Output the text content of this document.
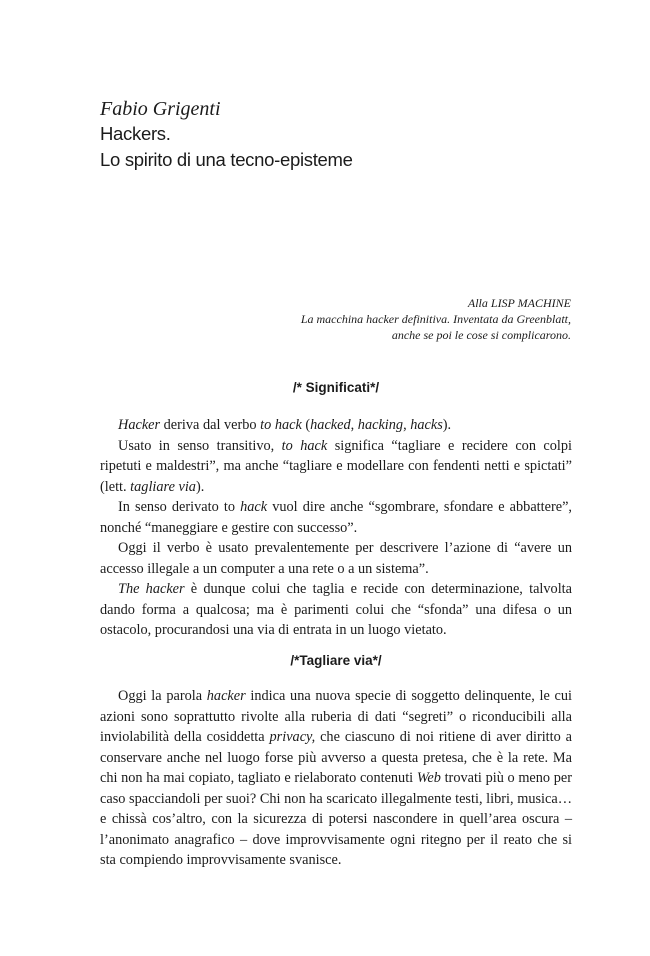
Fabio Grigenti
Hackers.
Lo spirito di una tecno-episteme
Alla LISP MACHINE
La macchina hacker definitiva. Inventata da Greenblatt,
anche se poi le cose si complicarono.
/* Significati*/

Hacker deriva dal verbo to hack (hacked, hacking, hacks).

Usato in senso transitivo, to hack significa “tagliare e recidere con colpi ripetuti e maldestri”, ma anche “tagliare e modellare con fendenti netti e spictati” (lett. tagliare via).

In senso derivato to hack vuol dire anche “sgombrare, sfondare e abbattere”, nonché “maneggiare e gestire con successo”.

Oggi il verbo è usato prevalentemente per descrivere l’azione di “avere un accesso illegale a un computer a una rete o a un sistema”.

The hacker è dunque colui che taglia e recide con determinazione, talvolta dando forma a qualcosa; ma è parimenti colui che “sfonda” una difesa o un ostacolo, procurandosi una via di entrata in un luogo vietato.

/*Tagliare via*/

Oggi la parola hacker indica una nuova specie di soggetto delinquente, le cui azioni sono soprattutto rivolte alla ruberia di dati “segreti” o riconducibili alla inviolabilità della cosiddetta privacy, che ciascuno di noi ritiene di aver diritto a conservare anche nel luogo forse più avverso a questa pretesa, che è la rete. Ma chi non ha mai copiato, tagliato e rielaborato contenuti Web trovati più o meno per caso spacciandoli per suoi? Chi non ha scaricato illegalmente testi, libri, musica… e chissà cos’altro, con la sicurezza di potersi nascondere in quell’area oscura – l’anonimato anagrafico – dove improvvisamente ogni ritegno per il reato che si sta compiendo improvvisamente svanisce.
